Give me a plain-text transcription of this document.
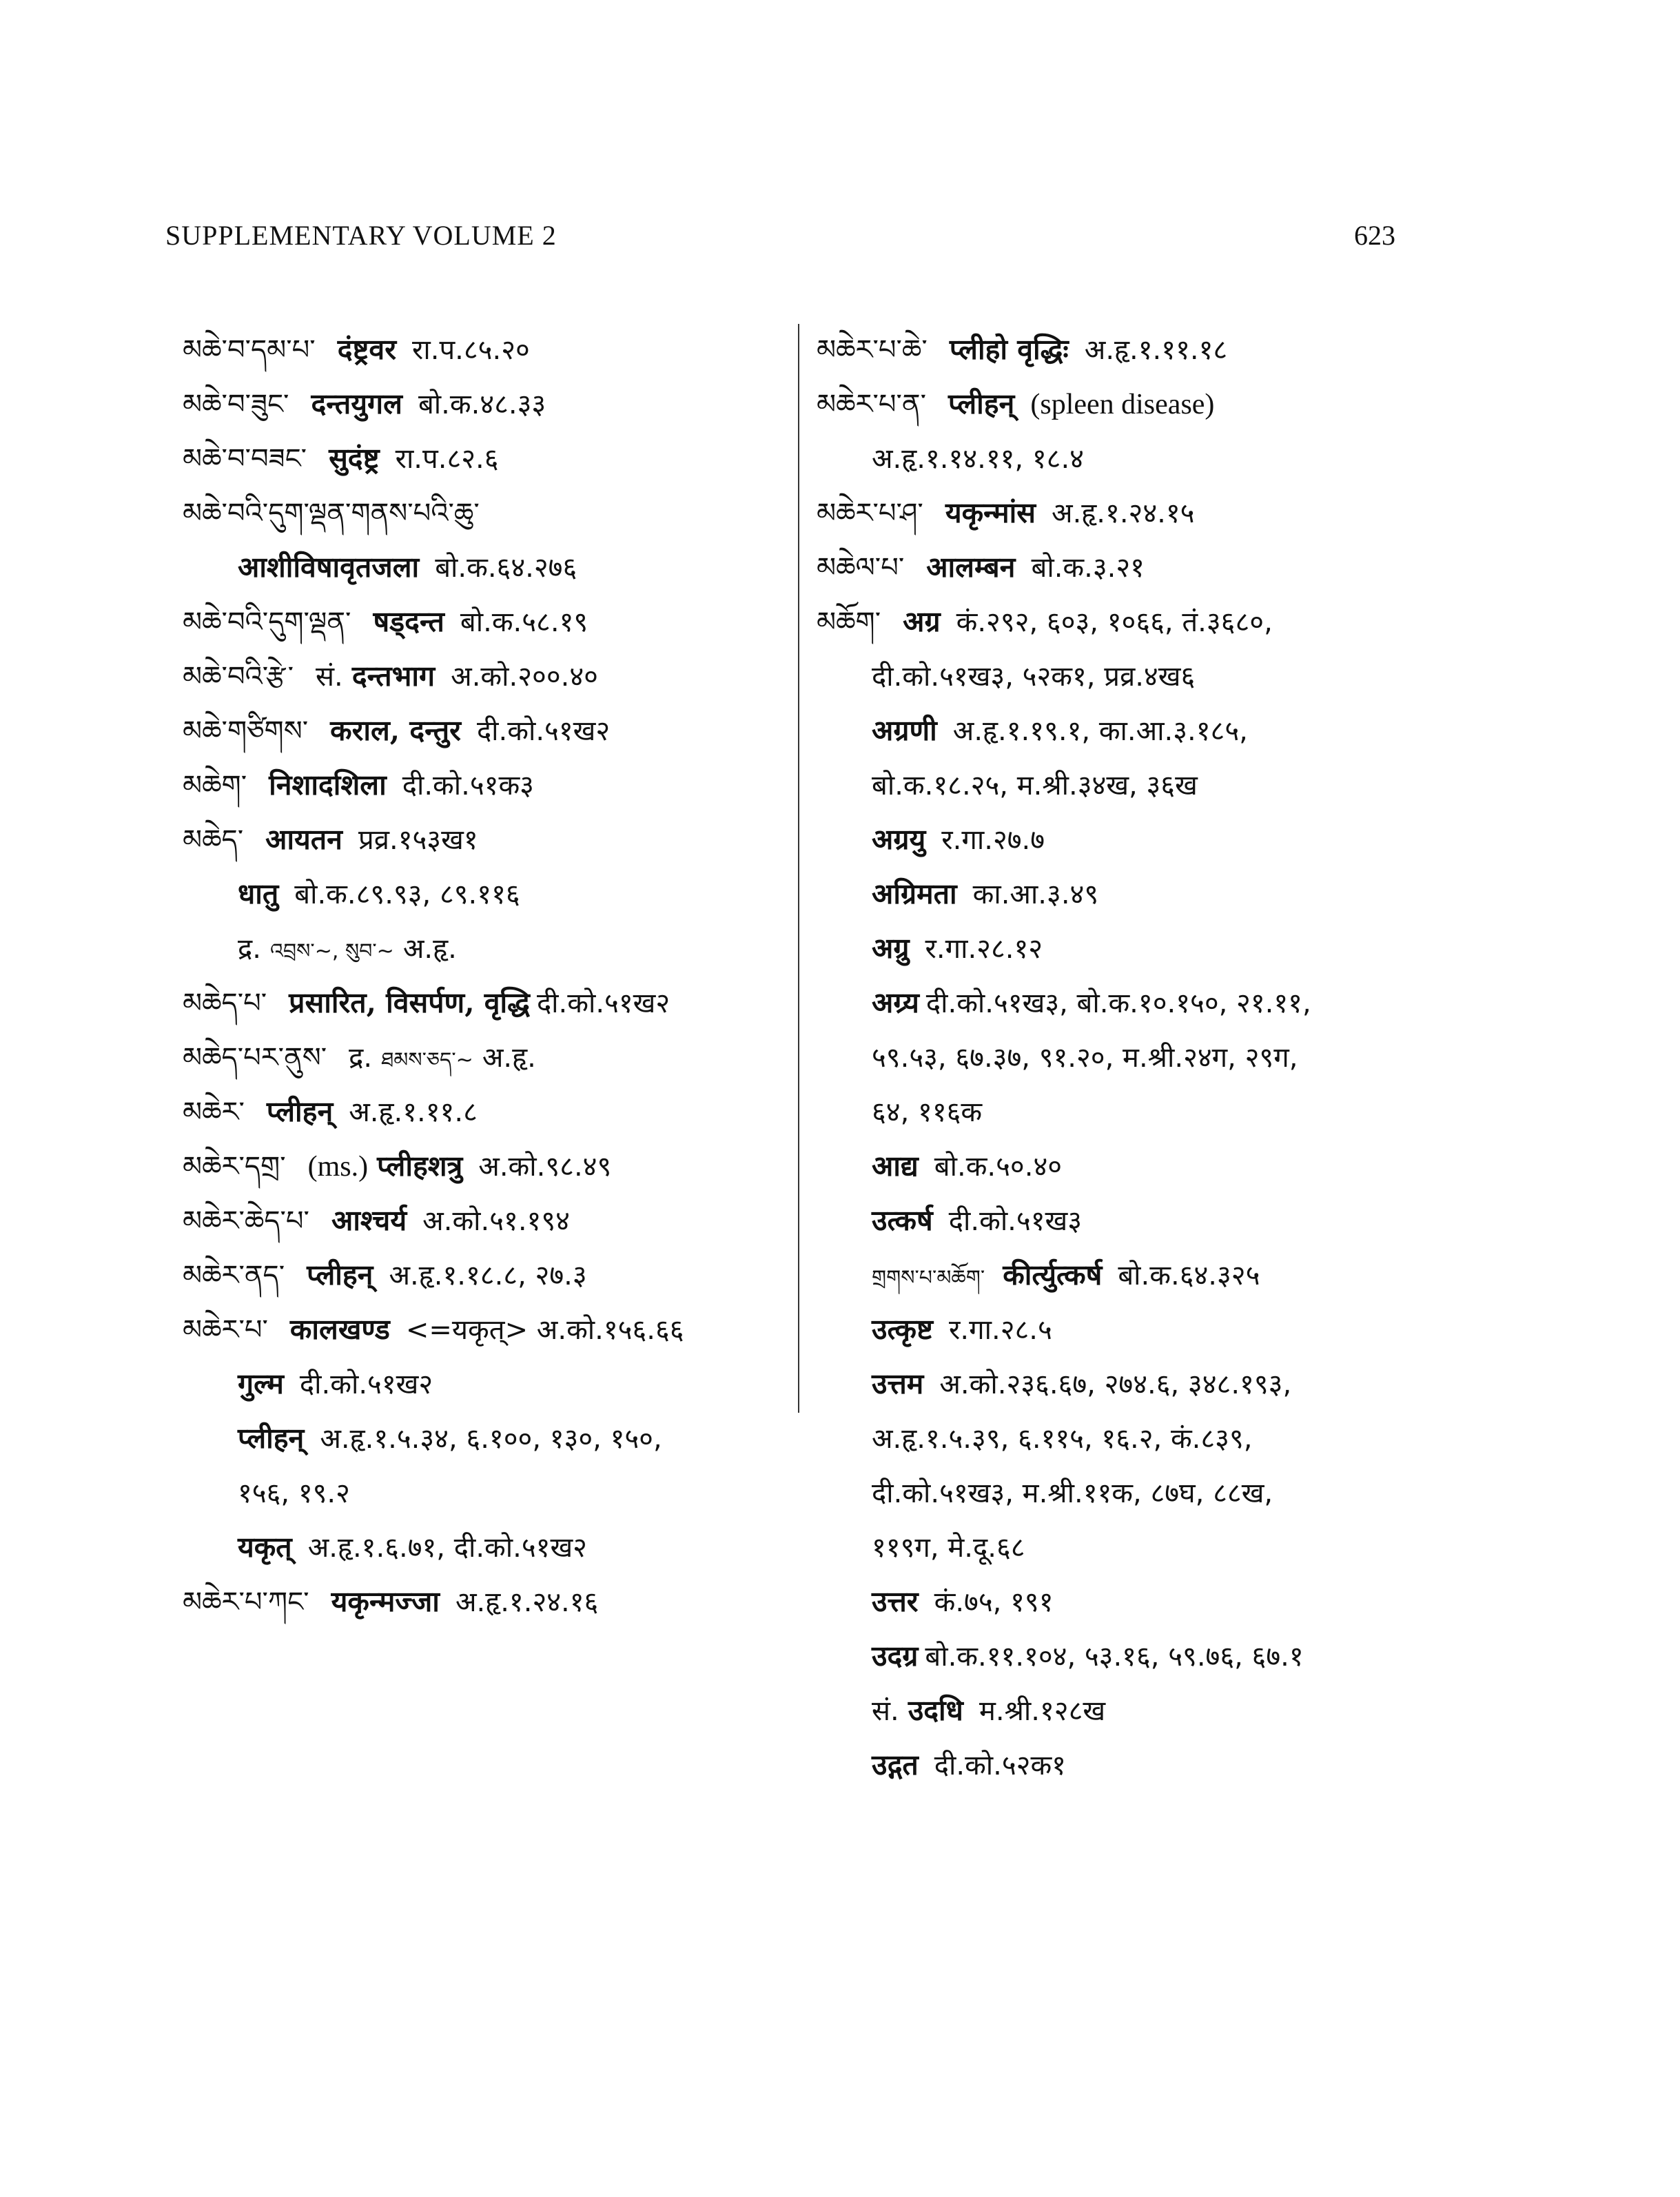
SUPPLEMENTARY VOLUME 2	623
མཆེ་བ་དམ་པ་ दंष्ट्रवर रा.प.८५.२०
མཆེ་བ་ཟུང་ दन्तयुगल बो.क.४८.३३
མཆེ་བ་བཟང་ सुदंष्ट्र रा.प.८२.६
མཆེ་བའི་དུག་ལྡན་གནས་པའི་ཆུ་
आशीविषावृतजला बो.क.६४.२७६
མཆེ་བའི་དུག་ལྡན་ षड्दन्त बो.क.५८.१९
མཆེ་བའི་རྩེ་ सं. दन्तभाग अ.को.२००.४०
མཆེ་གཙིགས་ कराल, दन्तुर दी.को.५१ख२
མཆེག་ निशादशिला दी.को.५१क३
མཆེད་ आयतन प्रव्र.१५३ख१
धातु बो.क.८९.९३, ८९.११६
द्र. འབྲས་~, སུབ་~ अ.हृ.
མཆེད་པ་ प्रसारित, विसर्पण, वृद्धि दी.को.५१ख२
མཆེད་པར་ནུས་ द्र. ཐམས་ཅད་~ अ.हृ.
མཆེར་ प्लीहन् अ.हृ.१.११.८
མཆེར་དགྲ་ (ms.) प्लीहशत्रु अ.को.९८.४९
མཆེར་ཆེད་པ་ आश्चर्य अ.को.५१.१९४
མཆེར་ནད་ प्लीहन् अ.हृ.१.१८.८, २७.३
མཆེར་པ་ कालखण्ड <=यकृत्> अ.को.१५६.६६
गुल्म दी.को.५१ख२
प्लीहन् अ.हृ.१.५.३४, ६.१००, १३०, १५०,
१५६, १९.२
यकृत् अ.हृ.१.६.७१, दी.को.५१ख२
མཆེར་པ་ཀང་ यकृन्मज्जा अ.हृ.१.२४.१६
མཆེར་པ་ཆེ་ प्लीहो वृद्धिः अ.हृ.१.११.१८
མཆེར་པ་ན་ प्लीहन् (spleen disease)
अ.हृ.१.१४.११, १८.४
མཆེར་པ་ཤ་ यकृन्मांस अ.हृ.१.२४.१५
མཆེལ་པ་ आलम्बन बो.क.३.२१
མཆོག་ अग्र कं.२९२, ६०३, १०६६, तं.३६८०,
दी.को.५१ख३, ५२क१, प्रव्र.४ख६
अग्रणी अ.हृ.१.१९.१, का.आ.३.१८५,
बो.क.१८.२५, म.श्री.३४ख, ३६ख
अग्रयु र.गा.२७.७
अग्रिमता का.आ.३.४९
अग्रु र.गा.२८.१२
अग्र्य दी.को.५१ख३, बो.क.१०.१५०, २१.११,
५९.५३, ६७.३७, ९१.२०, म.श्री.२४ग, २९ग,
६४, ११६क
आद्य बो.क.५०.४०
उत्कर्ष दी.को.५१ख३
གྲགས་པ་མཆོག་ कीर्त्युत्कर्ष बो.क.६४.३२५
उत्कृष्ट र.गा.२८.५
उत्तम अ.को.२३६.६७, २७४.६, ३४८.१९३,
अ.हृ.१.५.३९, ६.११५, १६.२, कं.८३९,
दी.को.५१ख३, म.श्री.११क, ८७घ, ८८ख,
११९ग, मे.दू.६८
उत्तर कं.७५, १९१
उदग्र बो.क.११.१०४, ५३.१६, ५९.७६, ६७.१
सं. उदधि म.श्री.१२८ख
उद्गत दी.को.५२क१
